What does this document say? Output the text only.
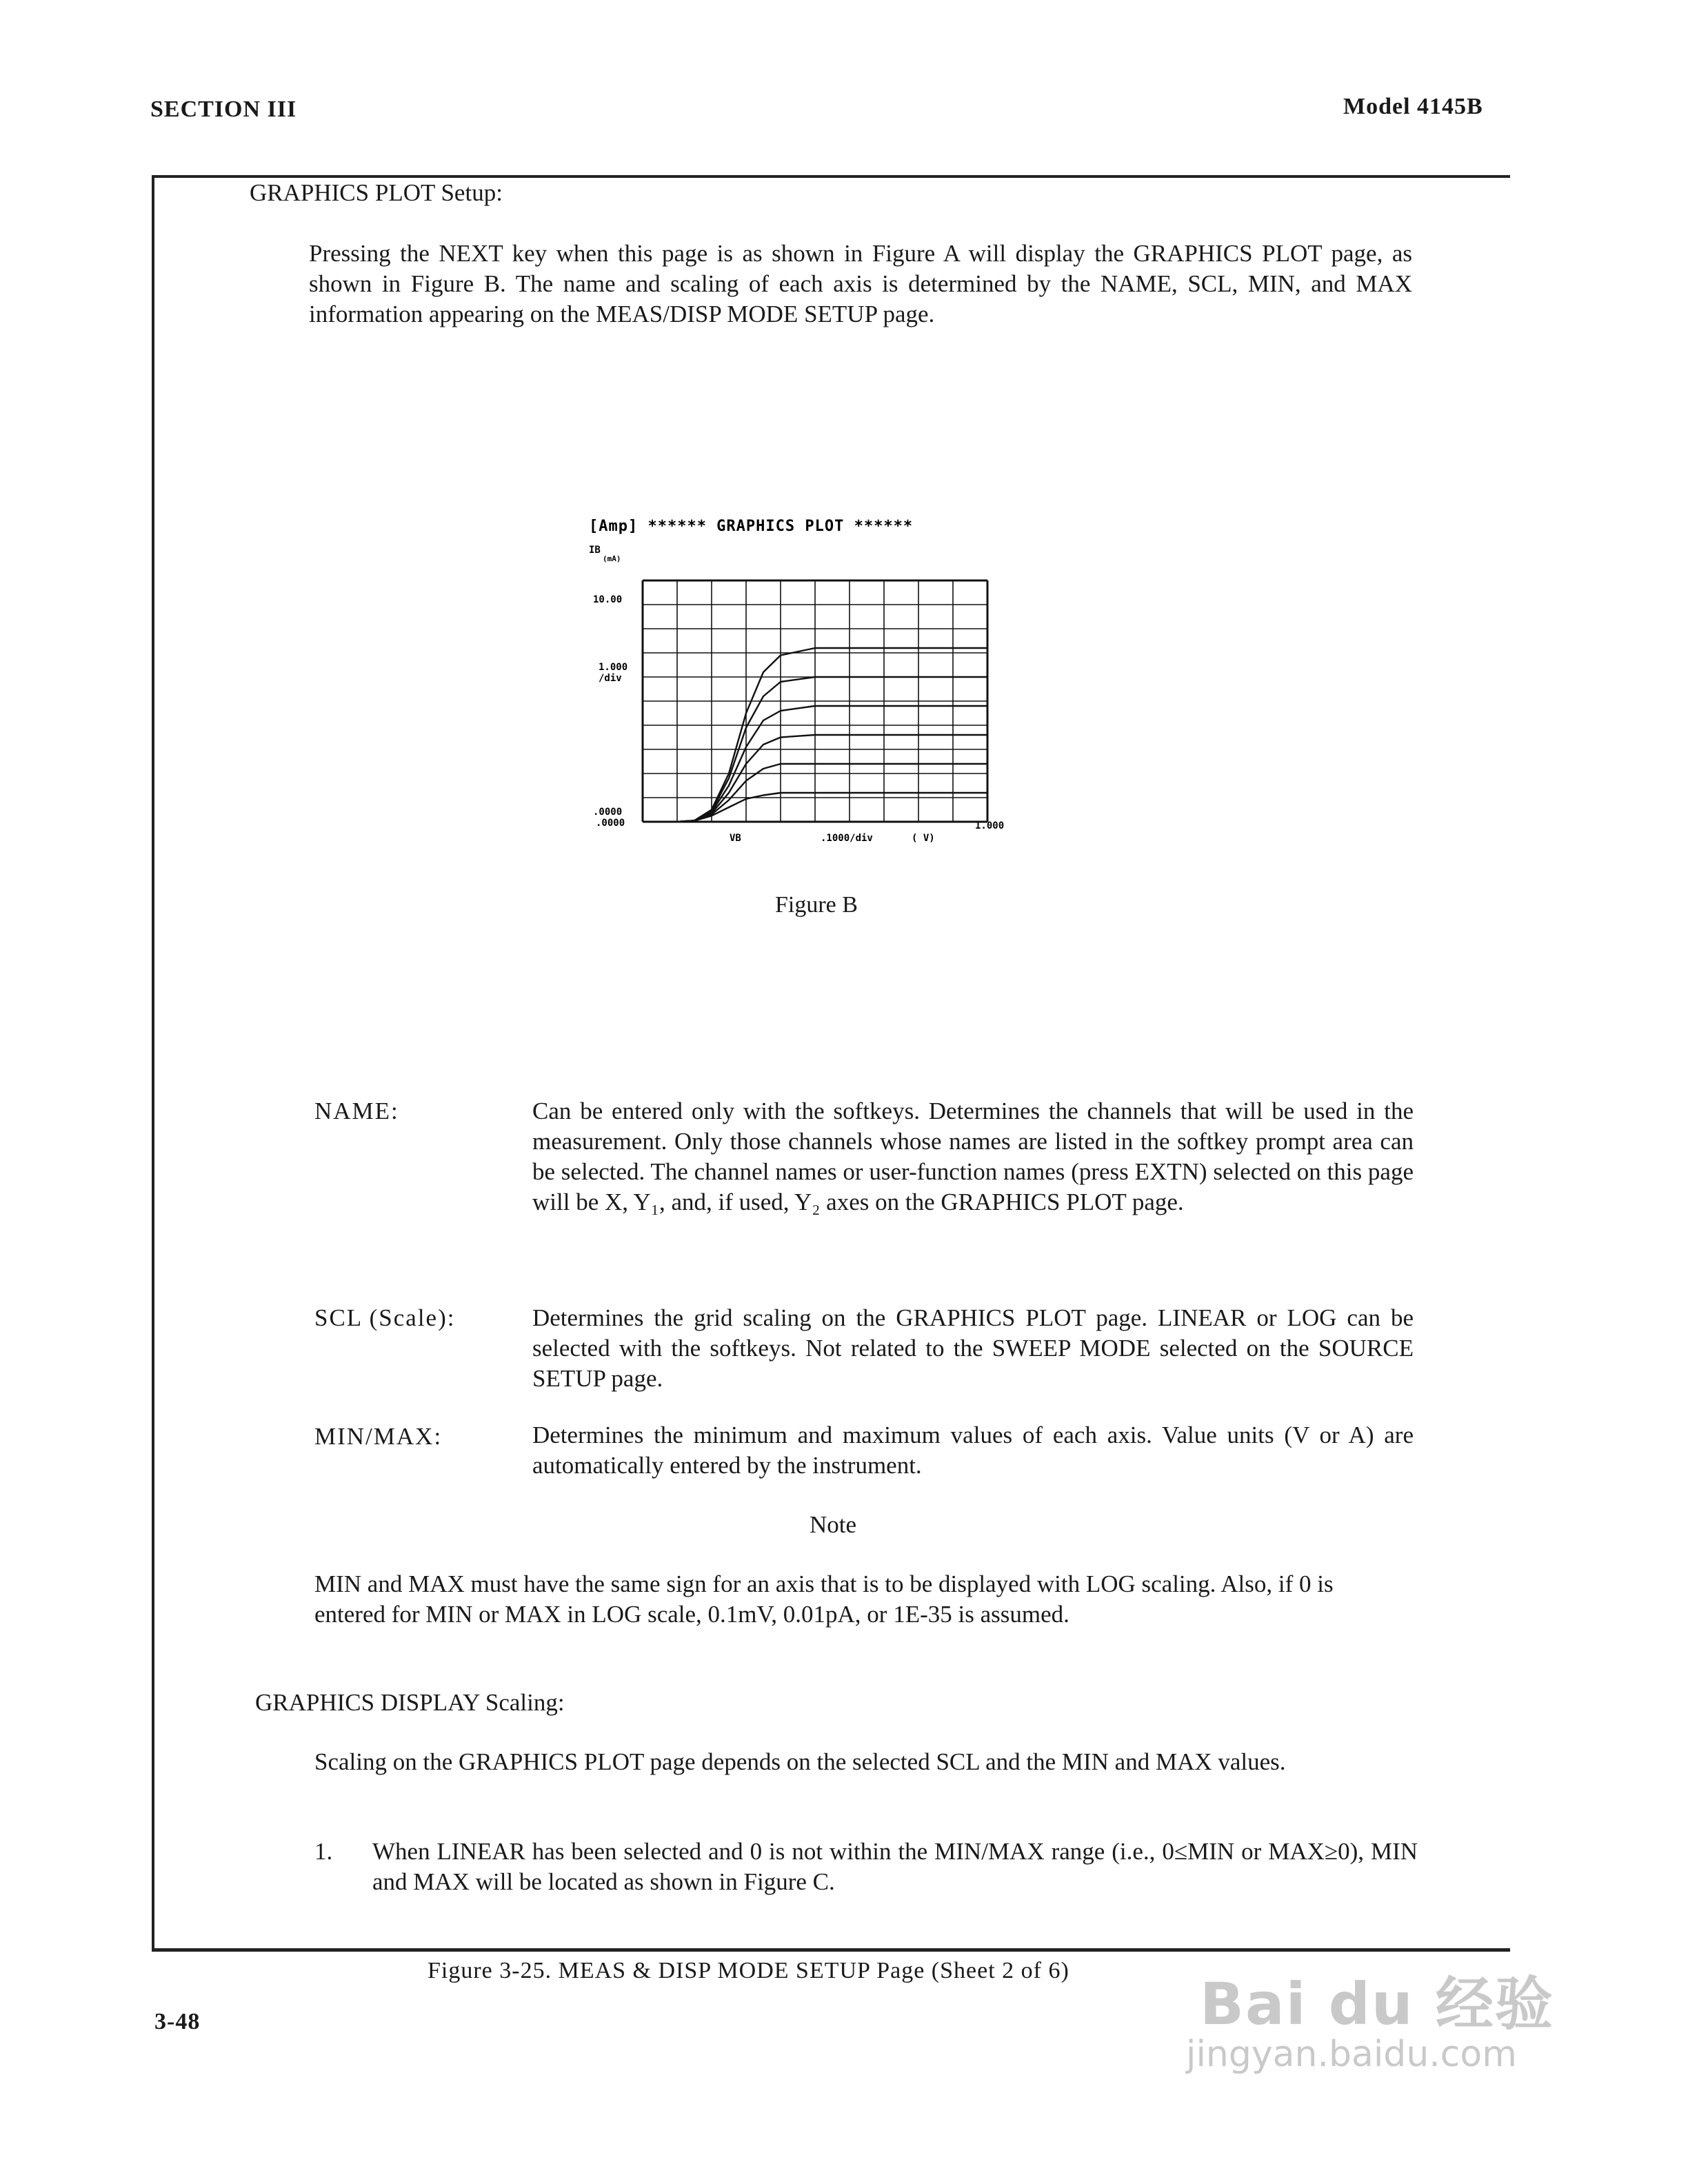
SECTION III	Model 4145B
GRAPHICS PLOT Setup:

Pressing the NEXT key when this page is as shown in Figure A will display the GRAPHICS PLOT page, as shown in Figure B. The name and scaling of each axis is determined by the NAME, SCL, MIN, and MAX information appearing on the MEAS/DISP MODE SETUP page.

[Amp] ****** GRAPHICS PLOT ******
IB
(mA)
10.00
1.000
/div
.0000
.0000
VB	.1000/div	( V)
1.000
Figure B
NAME:	Can be entered only with the softkeys. Determines the channels that will be used in the measurement. Only those channels whose names are listed in the softkey prompt area can be selected. The channel names or user-function names (press EXTN) selected on this page will be X, Y₁, and, if used, Y₂ axes on the GRAPHICS PLOT page.

SCL (Scale):	Determines the grid scaling on the GRAPHICS PLOT page. LINEAR or LOG can be selected with the softkeys. Not related to the SWEEP MODE selected on the SOURCE SETUP page.

MIN/MAX:	Determines the minimum and maximum values of each axis. Value units (V or A) are automatically entered by the instrument.

Note

MIN and MAX must have the same sign for an axis that is to be displayed with LOG scaling. Also, if 0 is entered for MIN or MAX in LOG scale, 0.1mV, 0.01pA, or 1E-35 is assumed.

GRAPHICS DISPLAY Scaling:

Scaling on the GRAPHICS PLOT page depends on the selected SCL and the MIN and MAX values.

1. When LINEAR has been selected and 0 is not within the MIN/MAX range (i.e., 0≤MIN or MAX≥0), MIN and MAX will be located as shown in Figure C.

Figure 3-25. MEAS & DISP MODE SETUP Page (Sheet 2 of 6)
3-48	Bai du 经验
jingyan.baidu.com
